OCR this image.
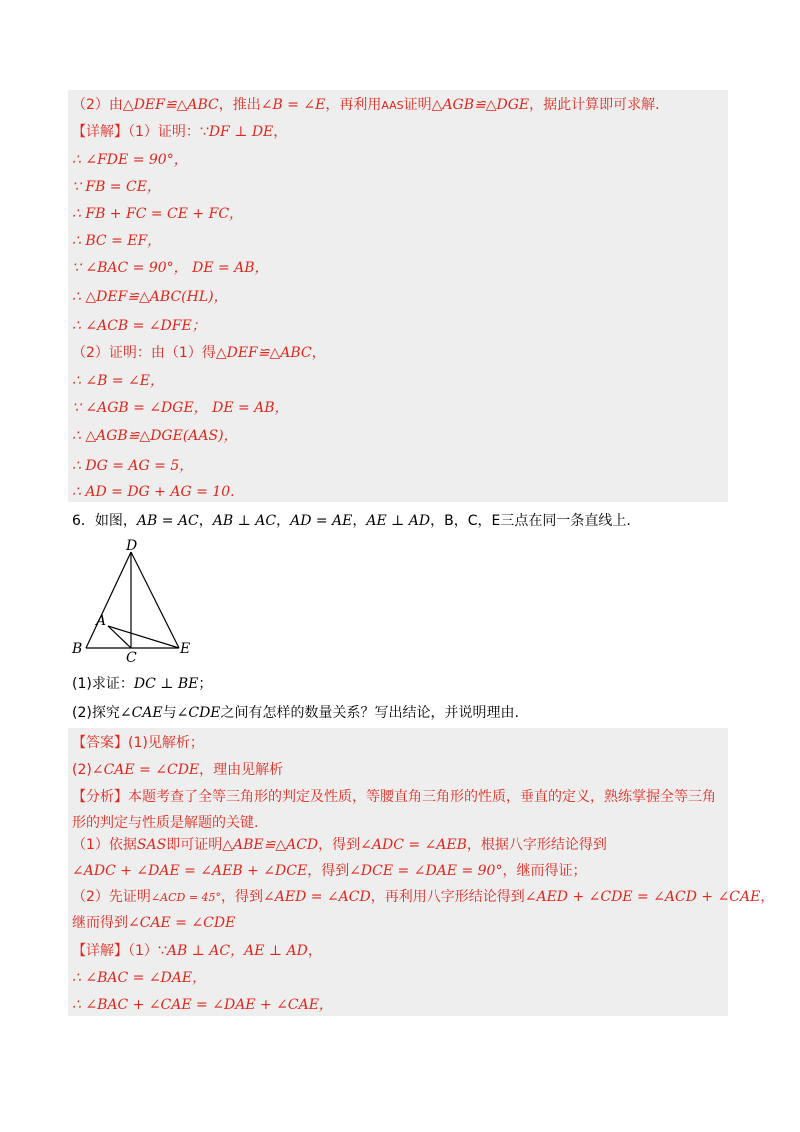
（2）由△DEF≌△ABC，推出∠B = ∠E，再利用AAS证明△AGB≌△DGE，据此计算即可求解.
【详解】（1）证明：∵DF ⊥ DE，
∴ ∠FDE = 90°，
∵ FB = CE，
∴ FB + FC = CE + FC，
∴ BC = EF，
∵ ∠BAC = 90°， DE = AB，
∴ △DEF≌△ABC(HL)，
∴ ∠ACB = ∠DFE；
（2）证明：由（1）得△DEF≌△ABC，
∴ ∠B = ∠E，
∵ ∠AGB = ∠DGE， DE = AB，
∴ △AGB≌△DGE(AAS)，
∴ DG = AG = 5，
∴ AD = DG + AG = 10.
6．如图，AB = AC，AB ⊥ AC，AD = AE，AE ⊥ AD，B，C，E三点在同一条直线上.
D
A
B
C
E
(1)求证：DC ⊥ BE；
(2)探究∠CAE与∠CDE之间有怎样的数量关系？写出结论，并说明理由.
【答案】(1)见解析；
(2)∠CAE = ∠CDE，理由见解析
【分析】本题考查了全等三角形的判定及性质，等腰直角三角形的性质，垂直的定义，熟练掌握全等三角
形的判定与性质是解题的关键.
（1）依据SAS即可证明△ABE≌△ACD，得到∠ADC = ∠AEB，根据八字形结论得到
∠ADC + ∠DAE = ∠AEB + ∠DCE，得到∠DCE = ∠DAE = 90°，继而得证；
（2）先证明∠ACD = 45°，得到∠AED = ∠ACD，再利用八字形结论得到∠AED + ∠CDE = ∠ACD + ∠CAE，
继而得到∠CAE = ∠CDE
【详解】（1）∵AB ⊥ AC，AE ⊥ AD，
∴ ∠BAC = ∠DAE，
∴ ∠BAC + ∠CAE = ∠DAE + ∠CAE，
